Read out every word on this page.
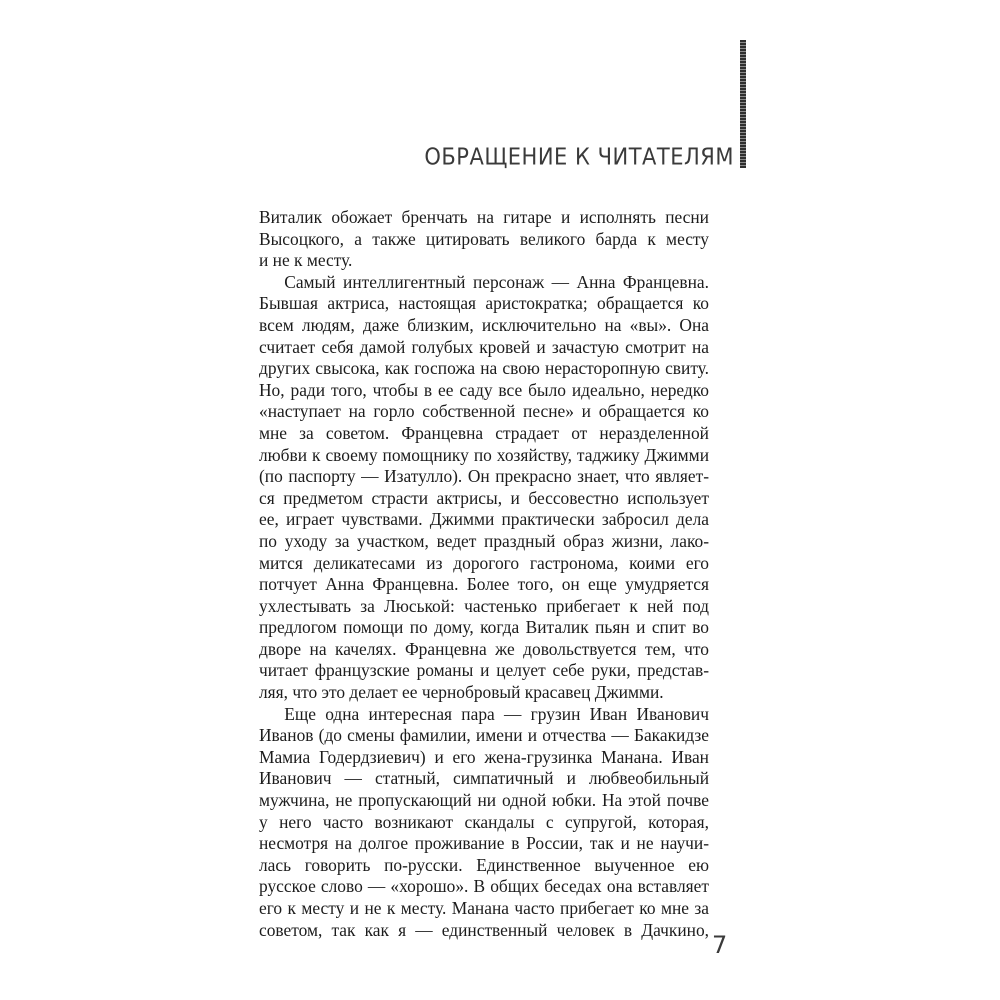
ОБРАЩЕНИЕ К ЧИТАТЕЛЯМ
Виталик обожает бренчать на гитаре и исполнять песни
Высоцкого, а также цитировать великого барда к месту
и не к месту.
Самый интеллигентный персонаж — Анна Францевна.
Бывшая актриса, настоящая аристократка; обращается ко
всем людям, даже близким, исключительно на «вы». Она
считает себя дамой голубых кровей и зачастую смотрит на
других свысока, как госпожа на свою нерасторопную свиту.
Но, ради того, чтобы в ее саду все было идеально, нередко
«наступает на горло собственной песне» и обращается ко
мне за советом. Францевна страдает от неразделенной
любви к своему помощнику по хозяйству, таджику Джимми
(по паспорту — Изатулло). Он прекрасно знает, что являет-
ся предметом страсти актрисы, и бессовестно использует
ее, играет чувствами. Джимми практически забросил дела
по уходу за участком, ведет праздный образ жизни, лако-
мится деликатесами из дорогого гастронома, коими его
потчует Анна Францевна. Более того, он еще умудряется
ухлестывать за Люськой: частенько прибегает к ней под
предлогом помощи по дому, когда Виталик пьян и спит во
дворе на качелях. Францевна же довольствуется тем, что
читает французские романы и целует себе руки, представ-
ляя, что это делает ее чернобровый красавец Джимми.
Еще одна интересная пара — грузин Иван Иванович
Иванов (до смены фамилии, имени и отчества — Бакакидзе
Мамиа Годердзиевич) и его жена-грузинка Манана. Иван
Иванович — статный, симпатичный и любвеобильный
мужчина, не пропускающий ни одной юбки. На этой почве
у него часто возникают скандалы с супругой, которая,
несмотря на долгое проживание в России, так и не научи-
лась говорить по-русски. Единственное выученное ею
русское слово — «хорошо». В общих беседах она вставляет
его к месту и не к месту. Манана часто прибегает ко мне за
советом, так как я — единственный человек в Дачкино,
7
